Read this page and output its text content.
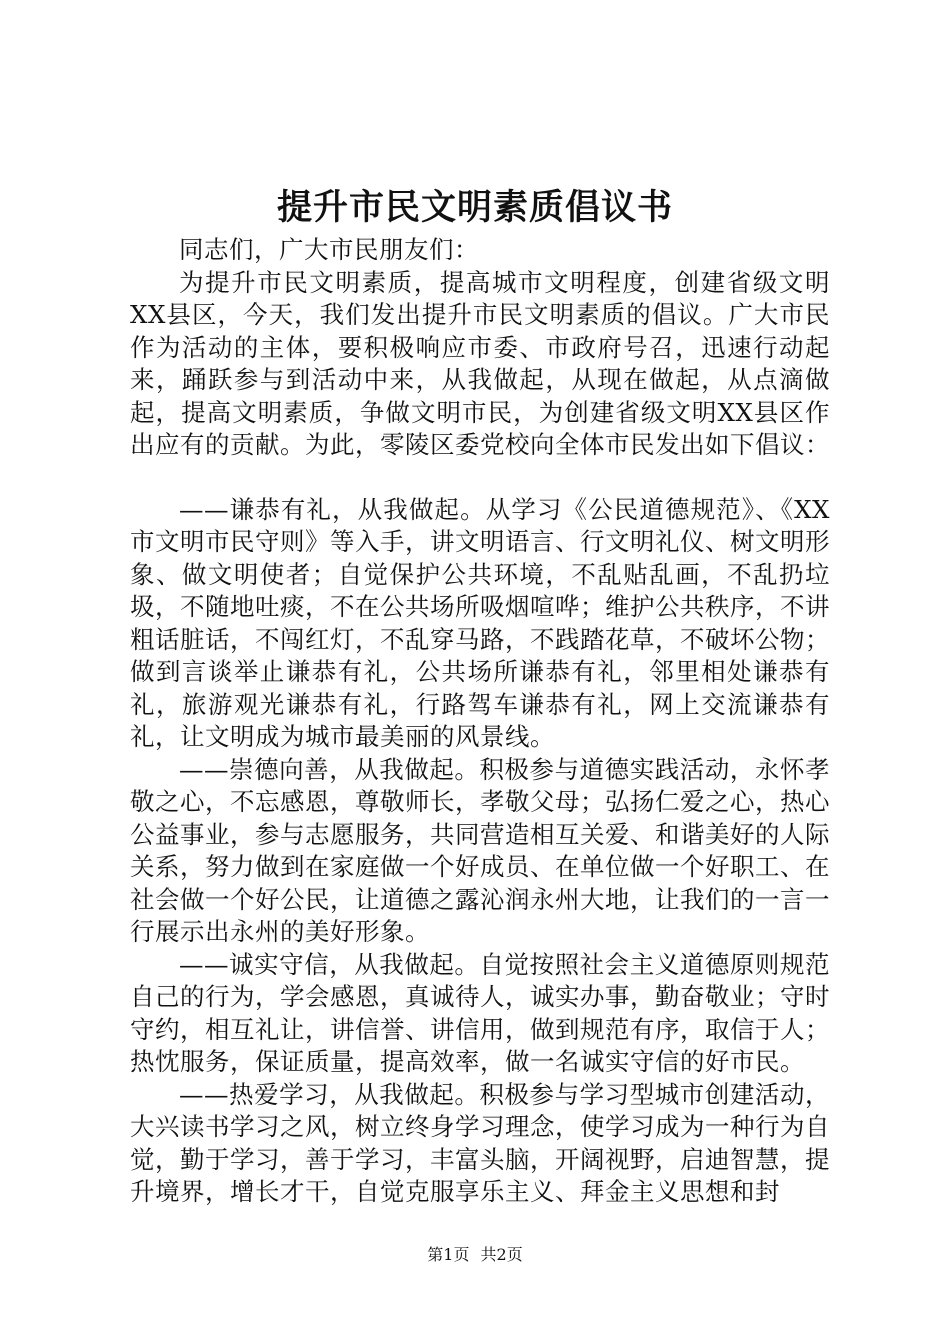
提升市民文明素质倡议书

同志们，广大市民朋友们：

为提升市民文明素质，提高城市文明程度，创建省级文明XX县区，今天，我们发出提升市民文明素质的倡议。广大市民作为活动的主体，要积极响应市委、市政府号召，迅速行动起来，踊跃参与到活动中来，从我做起，从现在做起，从点滴做起，提高文明素质，争做文明市民，为创建省级文明XX县区作出应有的贡献。为此，零陵区委党校向全体市民发出如下倡议：

——谦恭有礼，从我做起。从学习《公民道德规范》、《XX市文明市民守则》等入手，讲文明语言、行文明礼仪、树文明形象、做文明使者；自觉保护公共环境，不乱贴乱画，不乱扔垃圾，不随地吐痰，不在公共场所吸烟喧哗；维护公共秩序，不讲粗话脏话，不闯红灯，不乱穿马路，不践踏花草，不破坏公物；做到言谈举止谦恭有礼，公共场所谦恭有礼，邻里相处谦恭有礼，旅游观光谦恭有礼，行路驾车谦恭有礼，网上交流谦恭有礼，让文明成为城市最美丽的风景线。

——崇德向善，从我做起。积极参与道德实践活动，永怀孝敬之心，不忘感恩，尊敬师长，孝敬父母；弘扬仁爱之心，热心公益事业，参与志愿服务，共同营造相互关爱、和谐美好的人际关系，努力做到在家庭做一个好成员、在单位做一个好职工、在社会做一个好公民，让道德之露沁润永州大地，让我们的一言一行展示出永州的美好形象。

——诚实守信，从我做起。自觉按照社会主义道德原则规范自己的行为，学会感恩，真诚待人，诚实办事，勤奋敬业；守时守约，相互礼让，讲信誉、讲信用，做到规范有序，取信于人；热忱服务，保证质量，提高效率，做一名诚实守信的好市民。

——热爱学习，从我做起。积极参与学习型城市创建活动，大兴读书学习之风，树立终身学习理念，使学习成为一种行为自觉，勤于学习，善于学习，丰富头脑，开阔视野，启迪智慧，提升境界，增长才干，自觉克服享乐主义、拜金主义思想和封

第1页 共2页
